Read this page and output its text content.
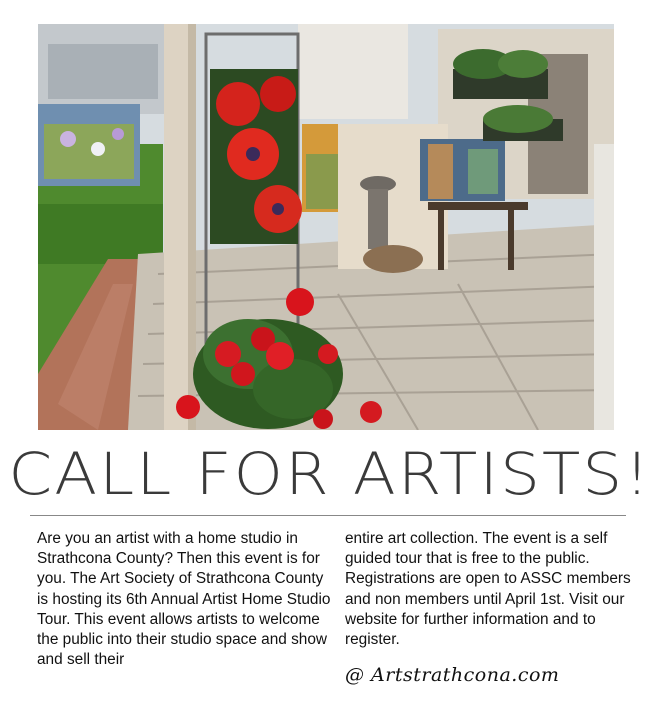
CALL FOR ARTISTS!
Are you an artist with a home studio in Strathcona County? Then this event is for you. The Art Society of Strathcona County is hosting its 6th Annual Artist Home Studio Tour. This event allows artists to welcome the public into their studio space and show and sell their
entire art collection. The event is a self guided tour that is free to the public. Registrations are open to ASSC members and non members until April 1st. Visit our website for further information and to register.
@ Artstrathcona.com
